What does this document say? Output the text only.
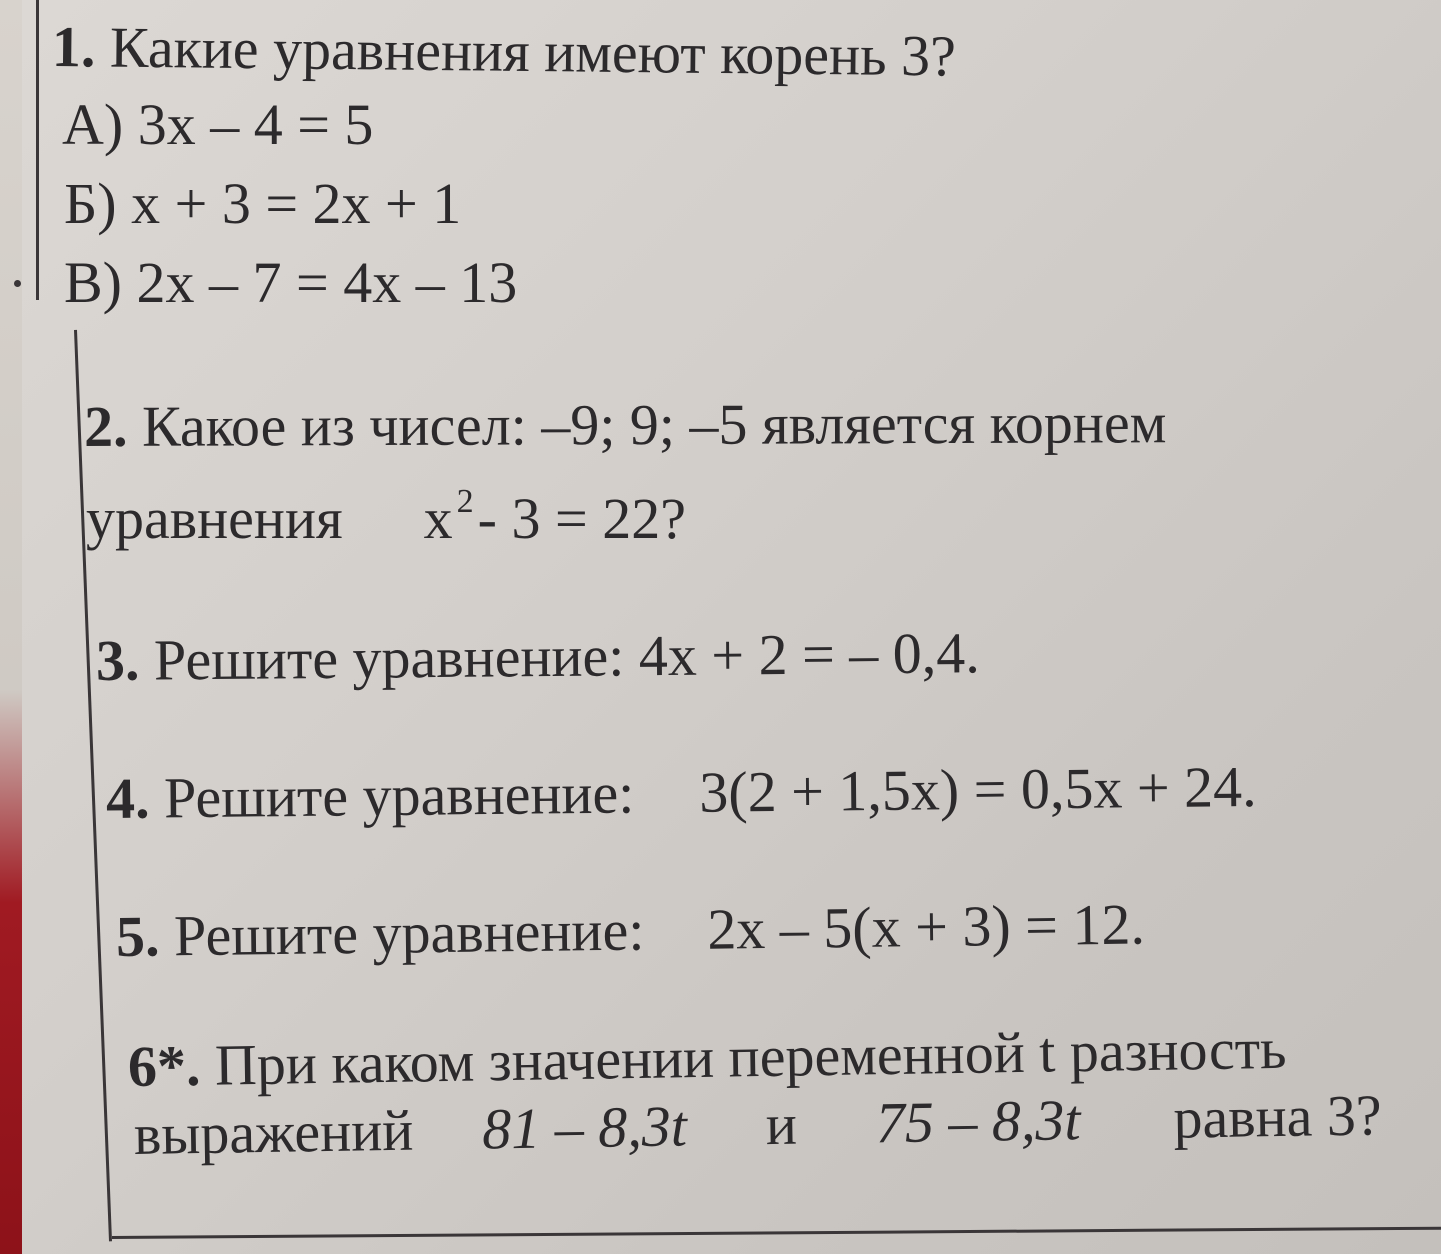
1. Какие уравнения имеют корень 3?
А) 3x – 4 = 5
Б) x + 3 = 2x + 1
В) 2x – 7 = 4x – 13
2. Какое из чисел: –9; 9; –5 является корнем
уравнения x $^2$- 3 = 22?
3. Решите уравнение: 4x + 2 = – 0,4.
4. Решите уравнение: 3(2 + 1,5x) = 0,5x + 24.
5. Решите уравнение: 2x – 5(x + 3) = 12.
6*. При каком значении переменной t разность
выражений 81 – 8,3t и 75 – 8,3t равна 3?
